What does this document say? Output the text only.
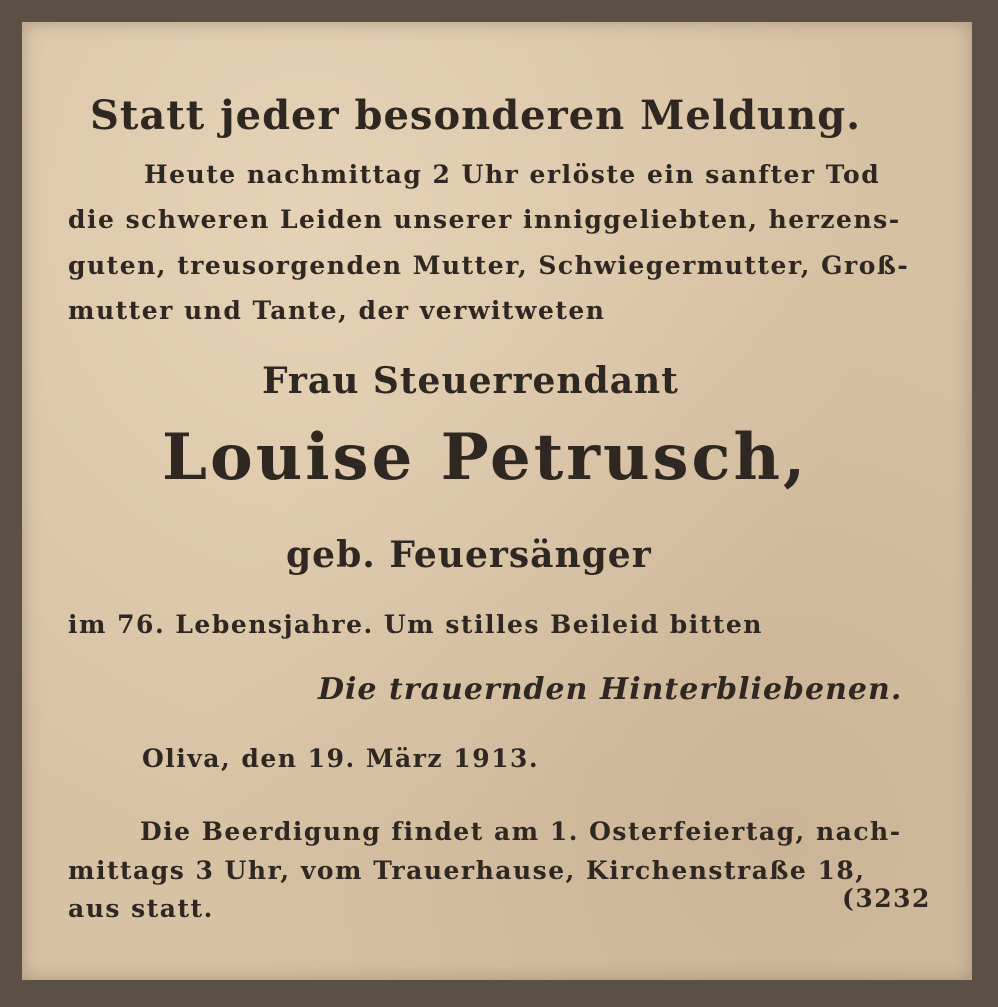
Statt jeder besonderen Meldung.
Heute nachmittag 2 Uhr erlöste ein sanfter Tod
die schweren Leiden unserer inniggeliebten, herzens-
guten, treusorgenden Mutter, Schwiegermutter, Groß-
mutter und Tante, der verwitweten
Frau Steuerrendant
Louise Petrusch,
geb. Feuersänger
im 76. Lebensjahre. Um stilles Beileid bitten
Die trauernden Hinterbliebenen.
Oliva, den 19. März 1913.
Die Beerdigung findet am 1. Osterfeiertag, nach-
mittags 3 Uhr, vom Trauerhause, Kirchenstraße 18,
aus statt.	(3232
